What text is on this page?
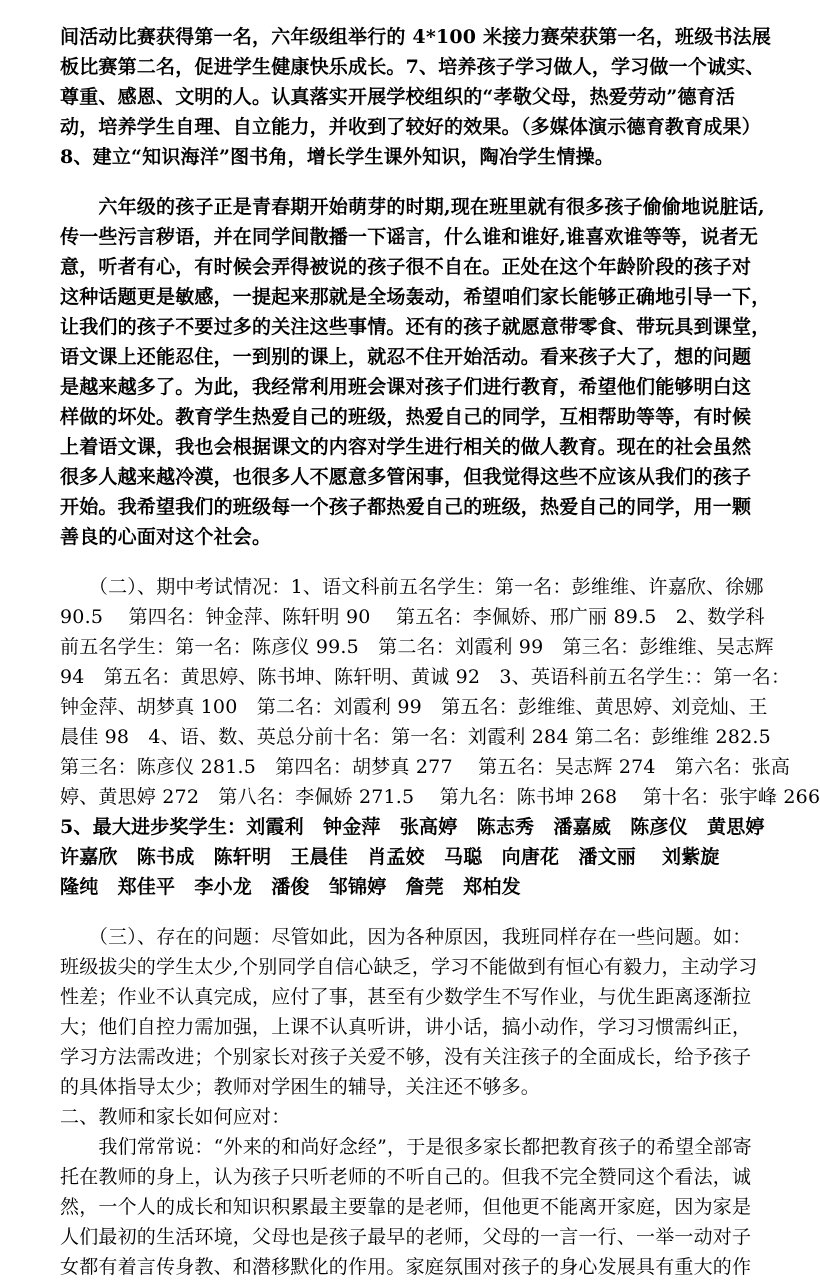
间活动比赛获得第一名，六年级组举行的 4*100 米接力赛荣获第一名，班级书法展
板比赛第二名，促进学生健康快乐成长。7、培养孩子学习做人，学习做一个诚实、
尊重、感恩、文明的人。认真落实开展学校组织的“孝敬父母，热爱劳动”德育活
动，培养学生自理、自立能力，并收到了较好的效果。（多媒体演示德育教育成果）
8、建立“知识海洋”图书角，增长学生课外知识，陶冶学生情操。
　　六年级的孩子正是青春期开始萌芽的时期,现在班里就有很多孩子偷偷地说脏话,
传一些污言秽语，并在同学间散播一下谣言，什么谁和谁好,谁喜欢谁等等，说者无
意，听者有心，有时候会弄得被说的孩子很不自在。正处在这个年龄阶段的孩子对
这种话题更是敏感，一提起来那就是全场轰动，希望咱们家长能够正确地引导一下，
让我们的孩子不要过多的关注这些事情。还有的孩子就愿意带零食、带玩具到课堂，
语文课上还能忍住，一到别的课上，就忍不住开始活动。看来孩子大了，想的问题
是越来越多了。为此，我经常利用班会课对孩子们进行教育，希望他们能够明白这
样做的坏处。教育学生热爱自己的班级，热爱自己的同学，互相帮助等等，有时候
上着语文课，我也会根据课文的内容对学生进行相关的做人教育。现在的社会虽然
很多人越来越冷漠，也很多人不愿意多管闲事，但我觉得这些不应该从我们的孩子
开始。我希望我们的班级每一个孩子都热爱自己的班级，热爱自己的同学，用一颗
善良的心面对这个社会。
　　（二）、期中考试情况：1、语文科前五名学生：第一名：彭维维、许嘉欣、徐娜
90.5　 第四名：钟金萍、陈轩明 90　 第五名：李佩娇、邢广丽 89.5　2、数学科
前五名学生：第一名：陈彦仪 99.5　第二名：刘霞利 99　第三名：彭维维、吴志辉
94　第五名：黄思婷、陈书坤、陈轩明、黄诚 92　3、英语科前五名学生：：第一名：
钟金萍、胡梦真 100　第二名：刘霞利 99　第五名：彭维维、黄思婷、刘竞灿、王
晨佳 98　4、语、数、英总分前十名：第一名：刘霞利 284 第二名：彭维维 282.5
第三名：陈彦仪 281.5　第四名：胡梦真 277　 第五名：吴志辉 274　第六名：张高
婷、黄思婷 272　第八名：李佩娇 271.5　 第九名：陈书坤 268　 第十名：张宇峰 266
5、最大进步奖学生：刘霞利　钟金萍　张高婷　陈志秀　潘嘉威　陈彦仪　黄思婷
许嘉欣　陈书成　陈轩明　王晨佳　肖孟姣　马聪　向唐花　潘文丽　 刘紫旋
隆纯　郑佳平　李小龙　潘俊　邹锦婷　詹莞　郑柏发
　　（三）、存在的问题：尽管如此，因为各种原因，我班同样存在一些问题。如：
班级拔尖的学生太少,个别同学自信心缺乏，学习不能做到有恒心有毅力，主动学习
性差；作业不认真完成，应付了事，甚至有少数学生不写作业，与优生距离逐渐拉
大；他们自控力需加强，上课不认真听讲，讲小话，搞小动作，学习习惯需纠正，
学习方法需改进；个别家长对孩子关爱不够，没有关注孩子的全面成长，给予孩子
的具体指导太少；教师对学困生的辅导，关注还不够多。
二、教师和家长如何应对：
　　我们常常说：“外来的和尚好念经”，于是很多家长都把教育孩子的希望全部寄
托在教师的身上，认为孩子只听老师的不听自己的。但我不完全赞同这个看法，诚
然，一个人的成长和知识积累最主要靠的是老师，但他更不能离开家庭，因为家是
人们最初的生活环境，父母也是孩子最早的老师，父母的一言一行、一举一动对子
女都有着言传身教、和潜移默化的作用。家庭氛围对孩子的身心发展具有重大的作
